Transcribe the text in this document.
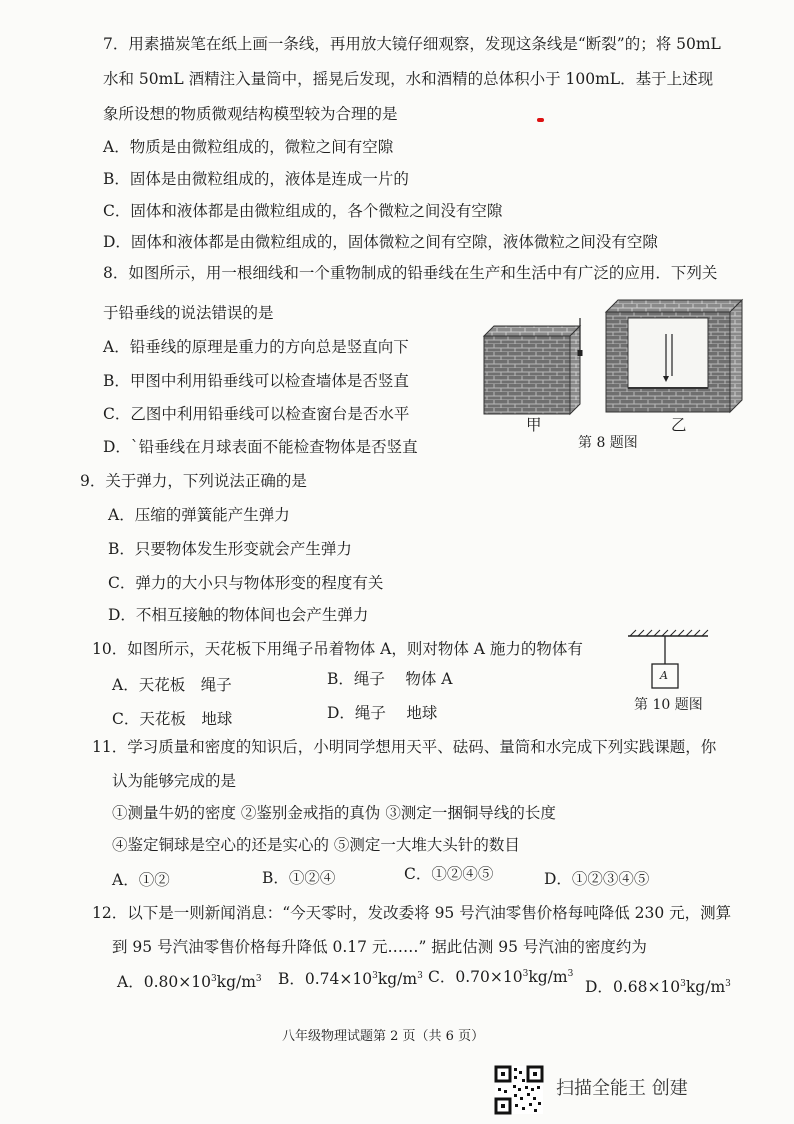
7．用素描炭笔在纸上画一条线，再用放大镜仔细观察，发现这条线是“断裂”的；将 50mL
水和 50mL 酒精注入量筒中，摇晃后发现，水和酒精的总体积小于 100mL．基于上述现
象所设想的物质微观结构模型较为合理的是
A．物质是由微粒组成的，微粒之间有空隙
B．固体是由微粒组成的，液体是连成一片的
C．固体和液体都是由微粒组成的，各个微粒之间没有空隙
D．固体和液体都是由微粒组成的，固体微粒之间有空隙，液体微粒之间没有空隙
8．如图所示，用一根细线和一个重物制成的铅垂线在生产和生活中有广泛的应用．下列关
于铅垂线的说法错误的是
A．铅垂线的原理是重力的方向总是竖直向下
B．甲图中利用铅垂线可以检查墙体是否竖直
C．乙图中利用铅垂线可以检查窗台是否水平
D．`铅垂线在月球表面不能检查物体是否竖直
甲	乙
第 8 题图
9．关于弹力，下列说法正确的是
A．压缩的弹簧能产生弹力
B．只要物体发生形变就会产生弹力
C．弹力的大小只与物体形变的程度有关
D．不相互接触的物体间也会产生弹力
10．如图所示，天花板下用绳子吊着物体 A，则对物体 A 施力的物体有
A．天花板　绳子	B．绳子　 物体 A
C．天花板　地球	D．绳子　 地球
A
第 10 题图
11．学习质量和密度的知识后，小明同学想用天平、砝码、量筒和水完成下列实践课题，你
认为能够完成的是
①测量牛奶的密度 ②鉴别金戒指的真伪 ③测定一捆铜导线的长度
④鉴定铜球是空心的还是实心的 ⑤测定一大堆大头针的数目
A．①②	B．①②④	C．①②④⑤	D．①②③④⑤
12．以下是一则新闻消息：“今天零时，发改委将 95 号汽油零售价格每吨降低 230 元，测算
到 95 号汽油零售价格每升降低 0.17 元……” 据此估测 95 号汽油的密度约为
A．$0.80\times 10^3kg/m^3$ B．$0.74\times 10^3kg/m^3$ C．$0.70\times 10^3kg/m^3$
D．$0.68\times 10^3kg/m^3$
八年级物理试题第 2 页（共 6 页）
扫描全能王 创建
